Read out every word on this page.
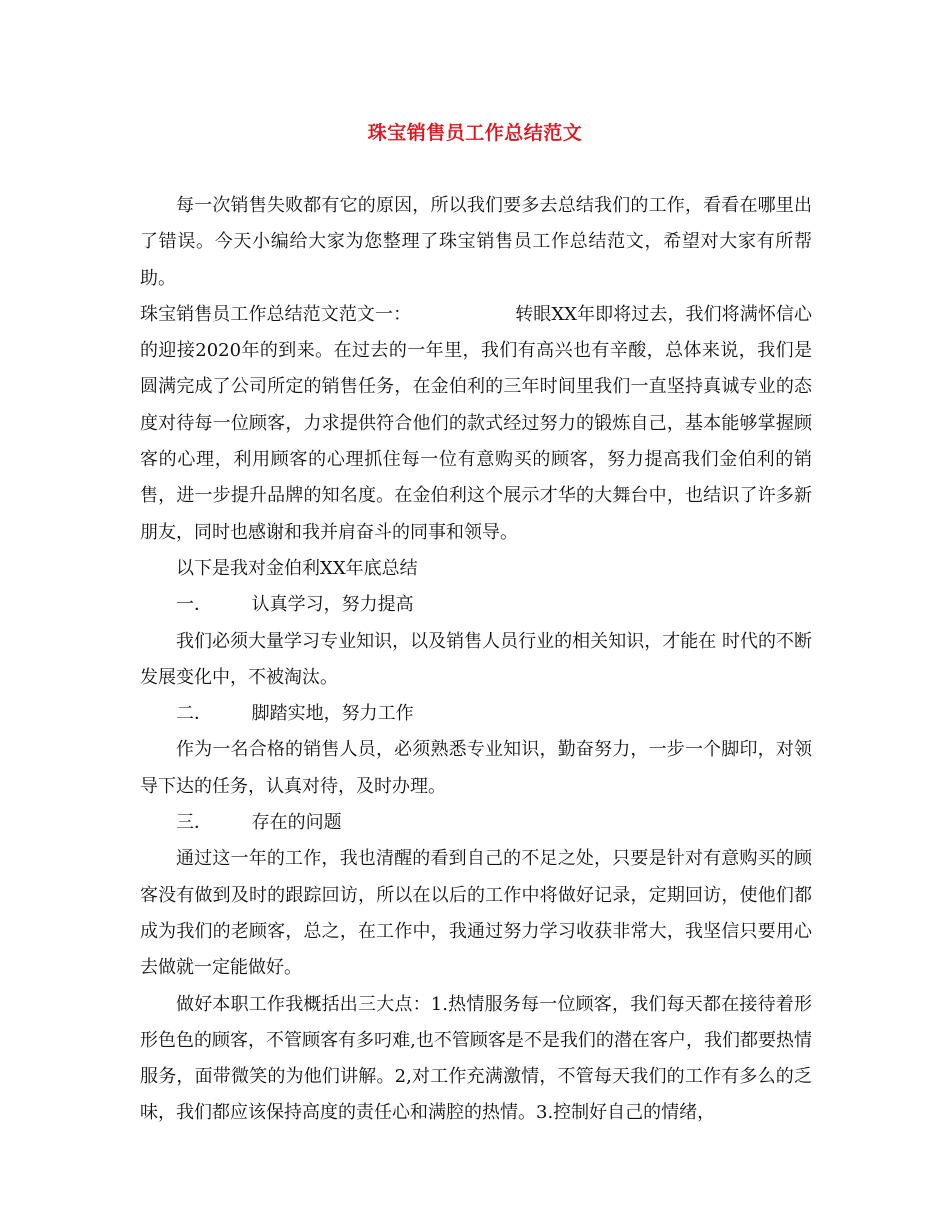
珠宝销售员工作总结范文

每一次销售失败都有它的原因，所以我们要多去总结我们的工作，看看在哪里出了错误。今天小编给大家为您整理了珠宝销售员工作总结范文，希望对大家有所帮助。

珠宝销售员工作总结范文范文一：	转眼XX年即将过去，我们将满怀信心的迎接2020年的到来。在过去的一年里，我们有高兴也有辛酸，总体来说，我们是圆满完成了公司所定的销售任务，在金伯利的三年时间里我们一直坚持真诚专业的态度对待每一位顾客，力求提供符合他们的款式经过努力的锻炼自己，基本能够掌握顾客的心理，利用顾客的心理抓住每一位有意购买的顾客，努力提高我们金伯利的销售，进一步提升品牌的知名度。在金伯利这个展示才华的大舞台中，也结识了许多新朋友，同时也感谢和我并肩奋斗的同事和领导。

以下是我对金伯利XX年底总结

一． 认真学习，努力提高

我们必须大量学习专业知识，以及销售人员行业的相关知识，才能在 时代的不断发展变化中，不被淘汰。

二． 脚踏实地，努力工作

作为一名合格的销售人员，必须熟悉专业知识，勤奋努力，一步一个脚印，对领导下达的任务，认真对待，及时办理。

三． 存在的问题

通过这一年的工作，我也清醒的看到自己的不足之处，只要是针对有意购买的顾客没有做到及时的跟踪回访，所以在以后的工作中将做好记录，定期回访，使他们都成为我们的老顾客，总之，在工作中，我通过努力学习收获非常大，我坚信只要用心去做就一定能做好。

做好本职工作我概括出三大点：1.热情服务每一位顾客，我们每天都在接待着形形色色的顾客，不管顾客有多叼难,也不管顾客是不是我们的潜在客户，我们都要热情服务，面带微笑的为他们讲解。2,对工作充满激情，不管每天我们的工作有多么的乏味，我们都应该保持高度的责任心和满腔的热情。3.控制好自己的情绪，
